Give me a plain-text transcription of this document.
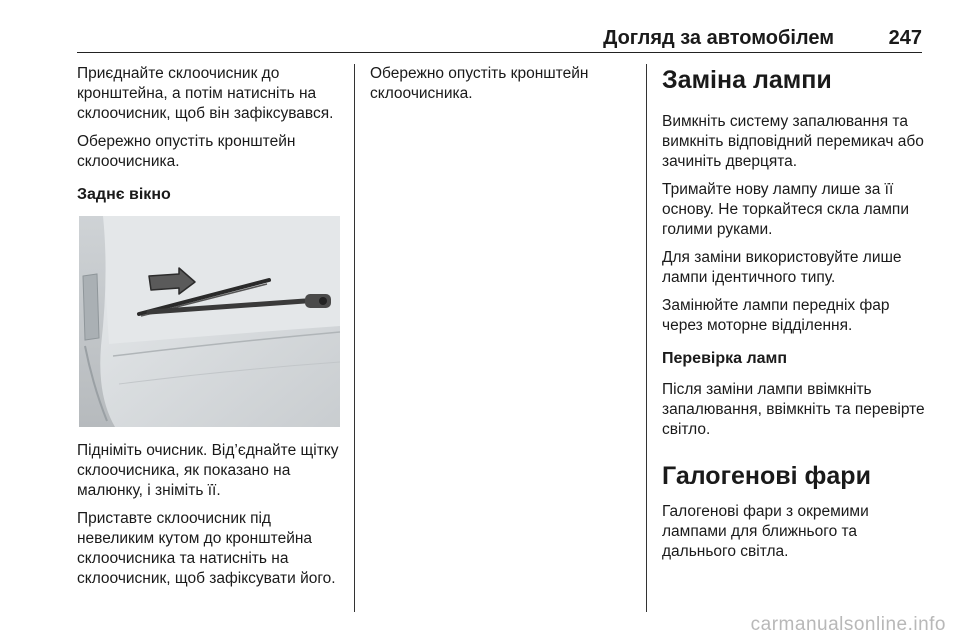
Догляд за автомобілем	247

Приєднайте склоочисник до кронштейна, а потім натисніть на склоочисник, щоб він зафіксувався.

Обережно опустіть кронштейн склоочисника.

Заднє вікно

Підніміть очисник. Від’єднайте щітку склоочисника, як показано на малюнку, і зніміть її.

Приставте склоочисник під невеликим кутом до кронштейна склоочисника та натисніть на склоочисник, щоб зафіксувати його.

Обережно опустіть кронштейн склоочисника.	Заміна лампи

Вимкніть систему запалювання та вимкніть відповідний перемикач або зачиніть дверцята.

Тримайте нову лампу лише за її основу. Не торкайтеся скла лампи голими руками.

Для заміни використовуйте лише лампи ідентичного типу.

Замінюйте лампи передніх фар через моторне відділення.

Перевірка ламп

Після заміни лампи ввімкніть запалювання, ввімкніть та перевірте світло.

Галогенові фари

Галогенові фари з окремими лампами для ближнього та дальнього світла.

carmanualsonline.info
